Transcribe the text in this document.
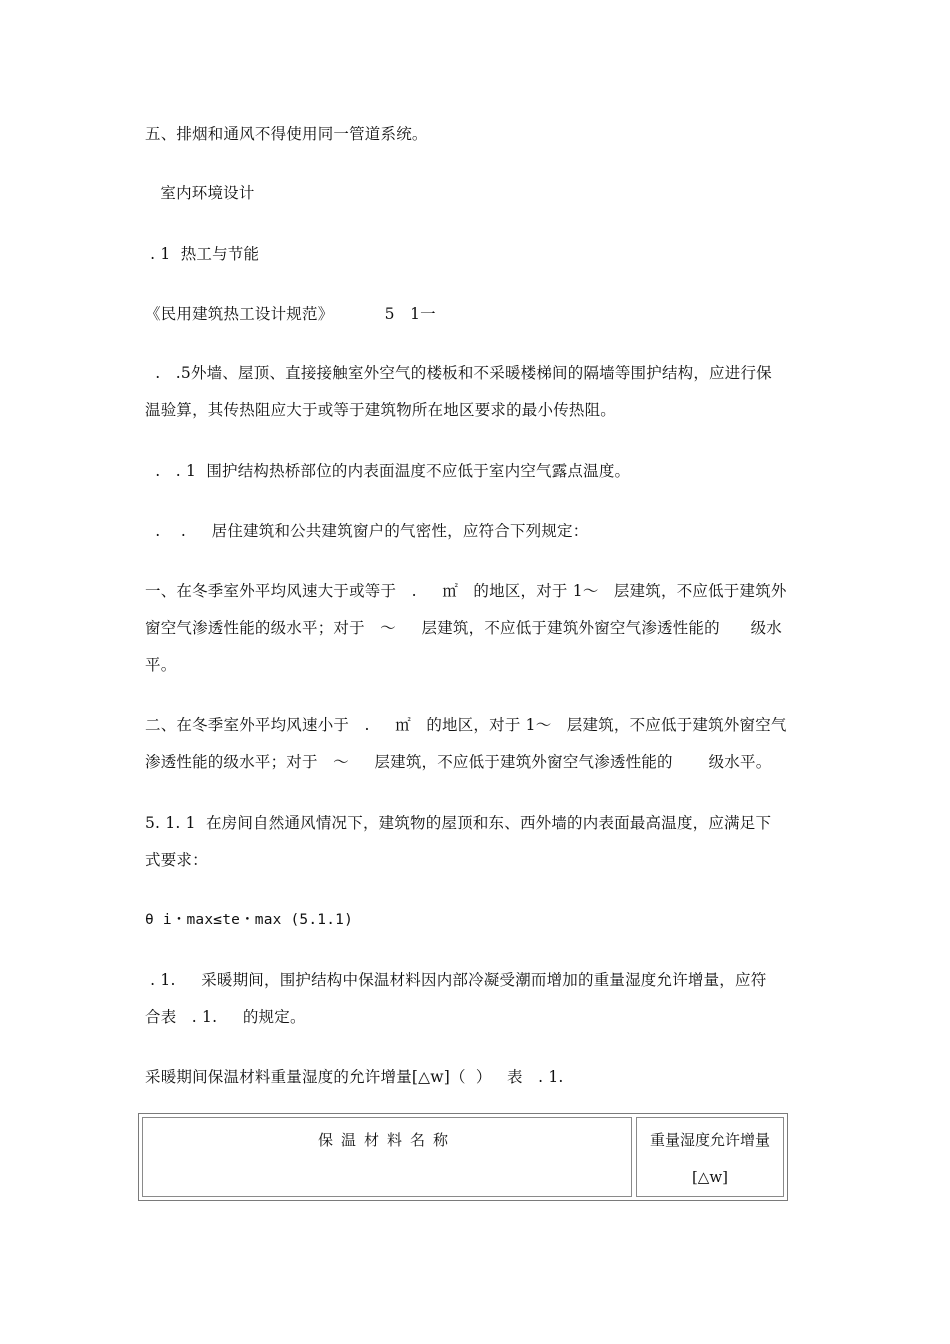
五、排烟和通风不得使用同一管道系统。
室内环境设计
. 1  热工与节能
《民用建筑热工设计规范》          5   1一
.   .5外墙、屋顶、直接接触室外空气的楼板和不采暖楼梯间的隔墙等围护结构，应进行保
温验算，其传热阻应大于或等于建筑物所在地区要求的最小传热阻。
.   . 1  围护结构热桥部位的内表面温度不应低于室内空气露点温度。
.    .     居住建筑和公共建筑窗户的气密性，应符合下列规定：
一、在冬季室外平均风速大于或等于   .     ㎡   的地区，对于 1～   层建筑，不应低于建筑外
窗空气渗透性能的级水平；对于   ～     层建筑，不应低于建筑外窗空气渗透性能的      级水
平。
二、在冬季室外平均风速小于   .     ㎡   的地区，对于 1～   层建筑，不应低于建筑外窗空气
渗透性能的级水平；对于   ～     层建筑，不应低于建筑外窗空气渗透性能的       级水平。
5. 1. 1  在房间自然通风情况下，建筑物的屋顶和东、西外墙的内表面最高温度，应满足下
式要求：
θ i・max≤te・max (5.1.1)
. 1.     采暖期间，围护结构中保温材料因内部冷凝受潮而增加的重量湿度允许增量，应符
合表   . 1.     的规定。
采暖期间保温材料重量湿度的允许增量[△w]（  ）   表   . 1.
保温材料名称	重量湿度允许增量
[△w]
